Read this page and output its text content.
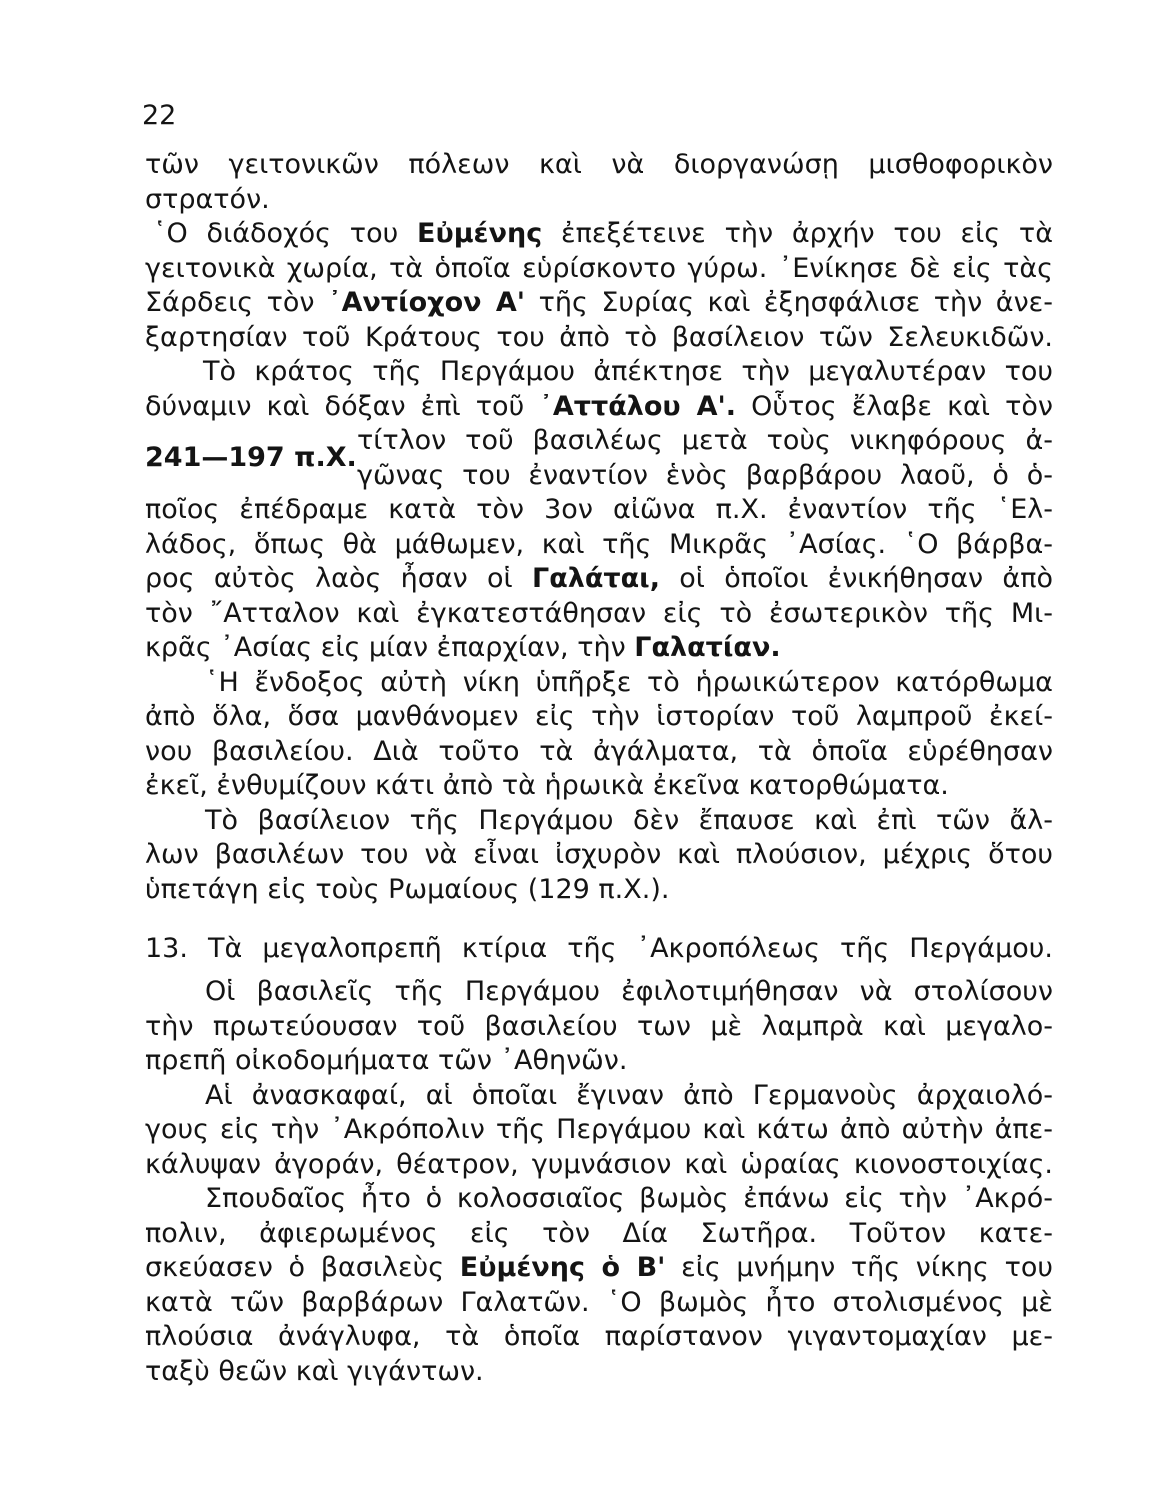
22
τῶν γειτονικῶν πόλεων καὶ νὰ διοργανώσῃ μισθοφορικὸν
στρατόν.
῾Ο διάδοχός του Εὐμένης ἐπεξέτεινε τὴν ἀρχήν του εἰς τὰ
γειτονικὰ χωρία, τὰ ὁποῖα εὑρίσκοντο γύρω. ᾿Ενίκησε δὲ εἰς τὰς
Σάρδεις τὸν ᾿Αντίοχον Α' τῆς Συρίας καὶ ἐξησφάλισε τὴν ἀνε-
ξαρτησίαν τοῦ Κράτους του ἀπὸ τὸ βασίλειον τῶν Σελευκιδῶν.
Τὸ κράτος τῆς Περγάμου ἀπέκτησε τὴν μεγαλυτέραν του
δύναμιν καὶ δόξαν ἐπὶ τοῦ ᾿Αττάλου Α'. Οὗτος ἔλαβε καὶ τὸν
241—197 π.Χ.
τίτλον τοῦ βασιλέως μετὰ τοὺς νικηφόρους ἀ-
γῶνας του ἐναντίον ἑνὸς βαρβάρου λαοῦ, ὁ ὁ-
ποῖος ἐπέδραμε κατὰ τὸν 3ον αἰῶνα π.Χ. ἐναντίον τῆς ῾Ελ-
λάδος, ὅπως θὰ μάθωμεν, καὶ τῆς Μικρᾶς ᾿Ασίας. ῾Ο βάρβα-
ρος αὐτὸς λαὸς ἦσαν οἱ Γαλάται, οἱ ὁποῖοι ἐνικήθησαν ἀπὸ
τὸν ῎Ατταλον καὶ ἐγκατεστάθησαν εἰς τὸ ἐσωτερικὸν τῆς Μι-
κρᾶς ᾿Ασίας εἰς μίαν ἐπαρχίαν, τὴν Γαλατίαν.
῾Η ἔνδοξος αὐτὴ νίκη ὑπῆρξε τὸ ἡρωικώτερον κατόρθωμα
ἀπὸ ὅλα, ὅσα μανθάνομεν εἰς τὴν ἱστορίαν τοῦ λαμπροῦ ἐκεί-
νου βασιλείου. Διὰ τοῦτο τὰ ἀγάλματα, τὰ ὁποῖα εὑρέθησαν
ἐκεῖ, ἐνθυμίζουν κάτι ἀπὸ τὰ ἡρωικὰ ἐκεῖνα κατορθώματα.
Τὸ βασίλειον τῆς Περγάμου δὲν ἔπαυσε καὶ ἐπὶ τῶν ἄλ-
λων βασιλέων του νὰ εἶναι ἰσχυρὸν καὶ πλούσιον, μέχρις ὅτου
ὑπετάγη εἰς τοὺς Ρωμαίους (129 π.Χ.).
13. Τὰ μεγαλοπρεπῆ κτίρια τῆς ᾿Ακροπόλεως τῆς Περγάμου.
Οἱ βασιλεῖς τῆς Περγάμου ἐφιλοτιμήθησαν νὰ στολίσουν
τὴν πρωτεύουσαν τοῦ βασιλείου των μὲ λαμπρὰ καὶ μεγαλο-
πρεπῆ οἰκοδομήματα τῶν ᾿Αθηνῶν.
Αἱ ἀνασκαφαί, αἱ ὁποῖαι ἔγιναν ἀπὸ Γερμανοὺς ἀρχαιολό-
γους εἰς τὴν ᾿Ακρόπολιν τῆς Περγάμου καὶ κάτω ἀπὸ αὐτὴν ἀπε-
κάλυψαν ἀγοράν, θέατρον, γυμνάσιον καὶ ὡραίας κιονοστοιχίας.
Σπουδαῖος ἦτο ὁ κολοσσιαῖος βωμὸς ἐπάνω εἰς τὴν ᾿Ακρό-
πολιν, ἀφιερωμένος εἰς τὸν Δία Σωτῆρα. Τοῦτον κατε-
σκεύασεν ὁ βασιλεὺς Εὐμένης ὁ Β' εἰς μνήμην τῆς νίκης του
κατὰ τῶν βαρβάρων Γαλατῶν. ῾Ο βωμὸς ἦτο στολισμένος μὲ
πλούσια ἀνάγλυφα, τὰ ὁποῖα παρίστανον γιγαντομαχίαν με-
ταξὺ θεῶν καὶ γιγάντων.
